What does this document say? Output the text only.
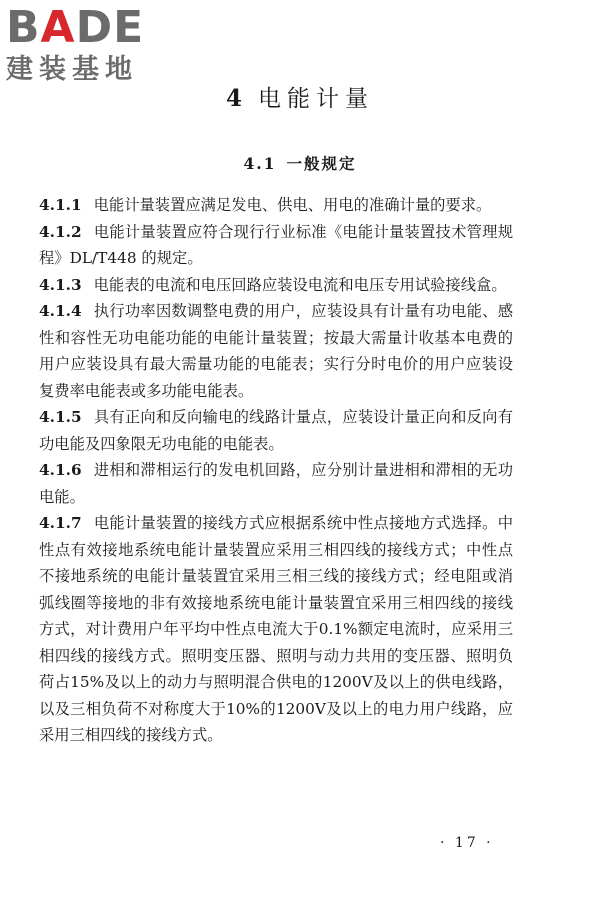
BADE
建装基地
4 电能计量
4.1 一般规定

4.1.1 电能计量装置应满足发电、供电、用电的准确计量的要求。

4.1.2 电能计量装置应符合现行行业标准《电能计量装置技术管理规程》DL/T448 的规定。

4.1.3 电能表的电流和电压回路应装设电流和电压专用试验接线盒。

4.1.4 执行功率因数调整电费的用户，应装设具有计量有功电能、感性和容性无功电能功能的电能计量装置；按最大需量计收基本电费的用户应装设具有最大需量功能的电能表；实行分时电价的用户应装设复费率电能表或多功能电能表。

4.1.5 具有正向和反向输电的线路计量点，应装设计量正向和反向有功电能及四象限无功电能的电能表。

4.1.6 进相和滞相运行的发电机回路，应分别计量进相和滞相的无功电能。

4.1.7 电能计量装置的接线方式应根据系统中性点接地方式选择。中性点有效接地系统电能计量装置应采用三相四线的接线方式；中性点不接地系统的电能计量装置宜采用三相三线的接线方式；经电阻或消弧线圈等接地的非有效接地系统电能计量装置宜采用三相四线的接线方式，对计费用户年平均中性点电流大于0.1%额定电流时，应采用三相四线的接线方式。照明变压器、照明与动力共用的变压器、照明负荷占15%及以上的动力与照明混合供电的1200V及以上的供电线路，以及三相负荷不对称度大于10%的1200V及以上的电力用户线路，应采用三相四线的接线方式。

· 17 ·
